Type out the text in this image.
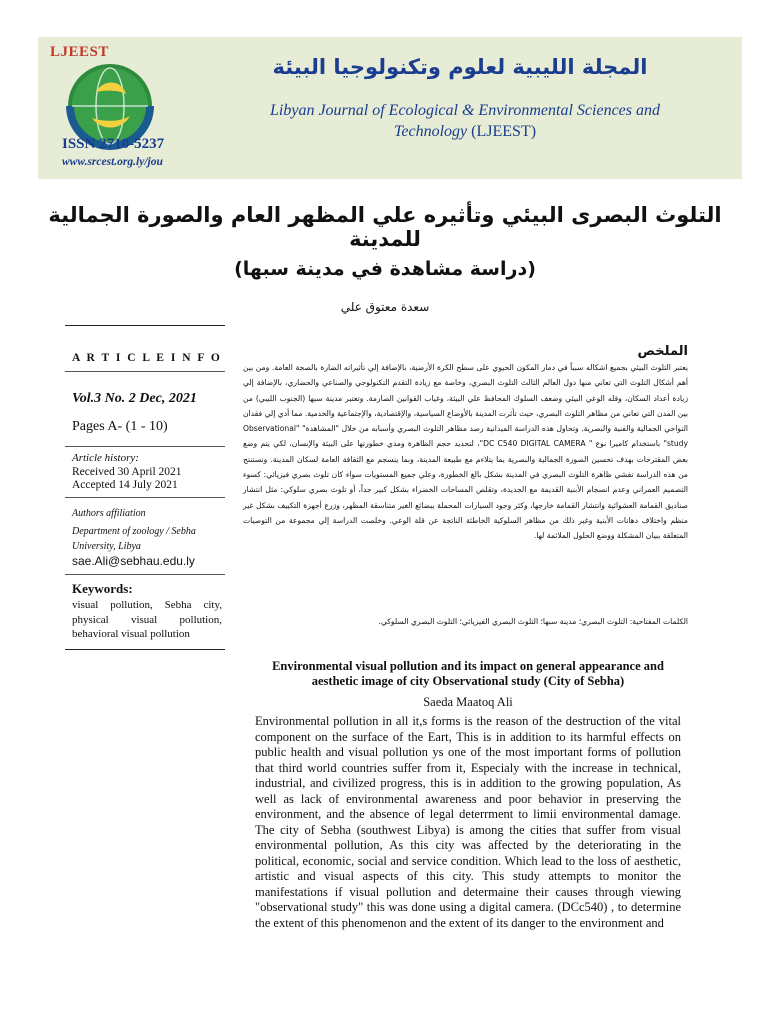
LJEEST
ISSN 2710-5237
www.srcest.org.ly/jou
المجلة الليبية لعلوم وتكنولوجيا البيئة
Libyan Journal of Ecological & Environmental Sciences and Technology (LJEEST)
التلوث البصرى البيئي وتأثيره علي المظهر العام والصورة الجمالية للمدينة
(دراسة مشاهدة في مدينة سبها)
سعدة معتوق علي
A R T I C L E I N F O
Vol.3 No. 2 Dec, 2021
Pages A- (1 - 10)
Article history:
Received 30 April 2021
Accepted 14 July 2021
Authors affiliation
Department of zoology / Sebha University, Libya
sae.Ali@sebhau.edu.ly
Keywords:
visual pollution, Sebha city, physical visual pollution, behavioral visual pollution
الملخص
يعتبر التلوث البيئي بجميع اشكاله سبباً في دمار المكون الحيوي على سطح الكرة الأرضية، بالإضافة إلي تأثيراته الضارة بالصحة العامة. ومن بين أهم أشكال التلوث التي تعاني منها دول العالم الثالث التلوث البصري، وخاصة مع زيادة التقدم التكنولوجي والصناعي والحضاري، بالإضافة إلي زيادة أعداد السكان، وقله الوعي البيئي وضعف السلوك المحافظ علي البيئة، وغياب القوانين الصارمة. وتعتبر مدينة سبها (الجنوب الليبي) من بين المدن التي تعاني من مظاهر التلوث البصري، حيث تأثرت المدينة بالأوضاع السياسية، والإقتصادية، والإجتماعية والخدمية. مما أدي إلي فقدان النواحي الجمالية والفنية والبصرية. وتحاول هذه الدراسة الميدانية رصد مظاهر التلوث البصري وأسبابه من خلال "المشاهدة" "Observational study" باستخدام كاميرا نوع " DC C540 DIGITAL CAMERA"، لتحديد حجم الظاهرة ومدي خطورتها على البيئة والإنسان، لكي يتم وضع بعض المقترحات بهدف تحسين الصورة الجمالية والبصرية بما يتلاءم مع طبيعة المدينة، وبما ينسجم مع الثقافة العامة لسكان المدينة. ونستنتج من هذه الدراسة تفشي ظاهرة التلوث البصري في المدينة بشكل بالغ الخطورة، وعلي جميع المستويات سواء كان تلوث بصري فيزيائي: كسوء التصميم العمراني وعدم انسجام الأبنية القديمة مع الجديدة، وتقلص المساحات الخضراء بشكل كبير جداً، أو تلوث بصري سلوكي: مثل انتشار صناديق القمامة العشوائية وانتشار القمامة خارجها، وكثر وجود السيارات المحملة ببضائع الغير متناسقة المظهر، وزرع أجهزة التكييف بشكل غير منظم واختلاف دهانات الأبنية وغير ذلك من مظاهر السلوكية الخاطئة الناتجة عن قلة الوعي. وخلصت الدراسة إلي مجموعة من التوصيات المتعلقة ببيان المشكلة ووضع الحلول الملائمة لها.
الكلمات المفتاحية: التلوث البصري؛ مدينة سبها؛ التلوث البصري الفيزيائي؛ التلوث البصري السلوكي.
Environmental visual pollution and its impact on general appearance and aesthetic image of city Observational study (City of Sebha)
Saeda Maatoq Ali
Environmental pollution in all it,s forms is the reason of the destruction of the vital component on the surface of the Eart, This is in addition to its harmful effects on public health and visual pollution ys one of the most important forms of pollution that third world countries suffer from it, Especialy with the increase in technical, industrial, and civilized progress, this is in addition to the growing population, As well as lack of environmental awareness and poor behavior in preserving the environment, and the absence of legal deterrment to limii environmental damage. The city of Sebha (southwest Libya) is among the cities that suffer from visual environmental pollution, As this city was affected by the deteriorating in the political, economic, social and service condition. Which lead to the loss of aesthetic, artistic and visual aspects of this city. This study attempts to monitor the manifestations if visual pollution and determaine their causes through viewing "observational study" this was done using a digital camera. (DCc540) , to determine the extent of this phenomenon and the extent of its danger to the environment and
